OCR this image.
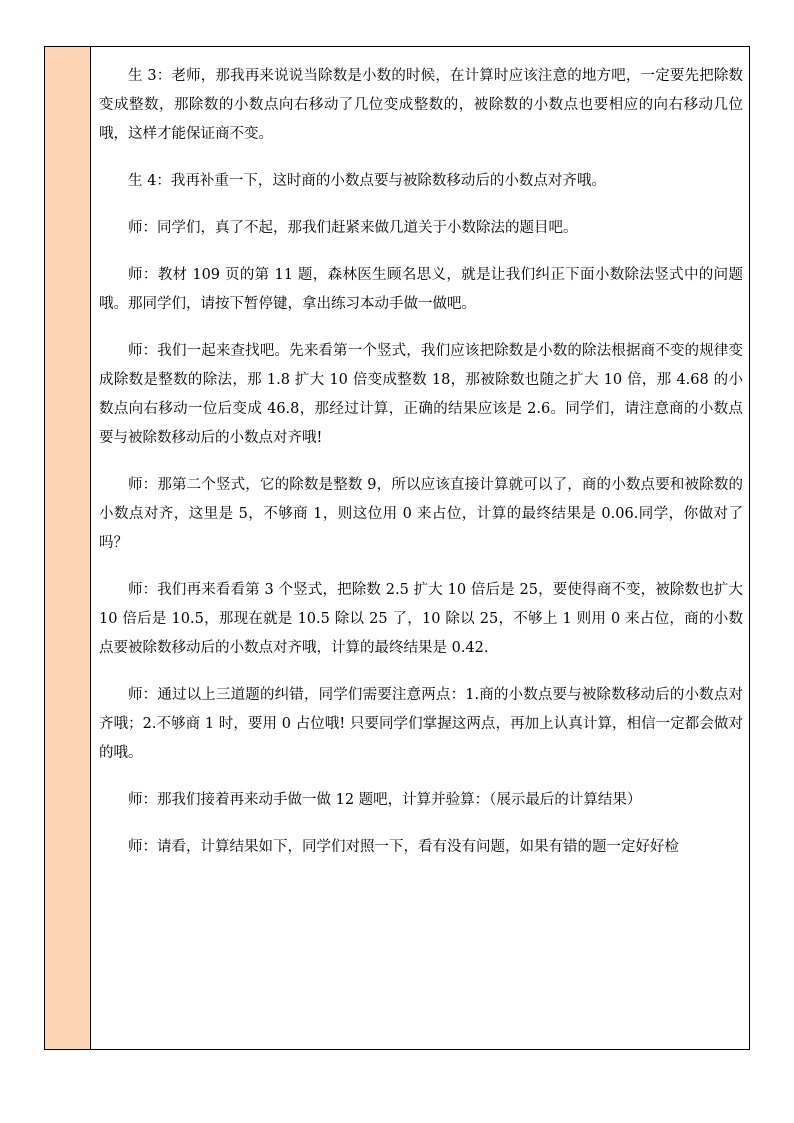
生 3：老师，那我再来说说当除数是小数的时候，在计算时应该注意的地方吧，一定要先把除数变成整数，那除数的小数点向右移动了几位变成整数的，被除数的小数点也要相应的向右移动几位哦，这样才能保证商不变。

生 4：我再补重一下，这时商的小数点要与被除数移动后的小数点对齐哦。

师：同学们，真了不起，那我们赶紧来做几道关于小数除法的题目吧。

师：教材 109 页的第 11 题，森林医生顾名思义，就是让我们纠正下面小数除法竖式中的问题哦。那同学们，请按下暂停键，拿出练习本动手做一做吧。

师：我们一起来查找吧。先来看第一个竖式，我们应该把除数是小数的除法根据商不变的规律变成除数是整数的除法，那 1.8 扩大 10 倍变成整数 18，那被除数也随之扩大 10 倍，那 4.68 的小数点向右移动一位后变成 46.8，那经过计算，正确的结果应该是 2.6。同学们，请注意商的小数点要与被除数移动后的小数点对齐哦!

师：那第二个竖式，它的除数是整数 9，所以应该直接计算就可以了，商的小数点要和被除数的小数点对齐，这里是 5，不够商 1，则这位用 0 来占位，计算的最终结果是 0.06.同学，你做对了吗？

师：我们再来看看第 3 个竖式，把除数 2.5 扩大 10 倍后是 25，要使得商不变，被除数也扩大 10 倍后是 10.5，那现在就是 10.5 除以 25 了，10 除以 25，不够上 1 则用 0 来占位，商的小数点要被除数移动后的小数点对齐哦，计算的最终结果是 0.42.

师：通过以上三道题的纠错，同学们需要注意两点：1.商的小数点要与被除数移动后的小数点对齐哦；2.不够商 1 时，要用 0 占位哦! 只要同学们掌握这两点，再加上认真计算，相信一定都会做对的哦。

师：那我们接着再来动手做一做 12 题吧，计算并验算：（展示最后的计算结果）

师：请看，计算结果如下，同学们对照一下，看有没有问题，如果有错的题一定好好检
